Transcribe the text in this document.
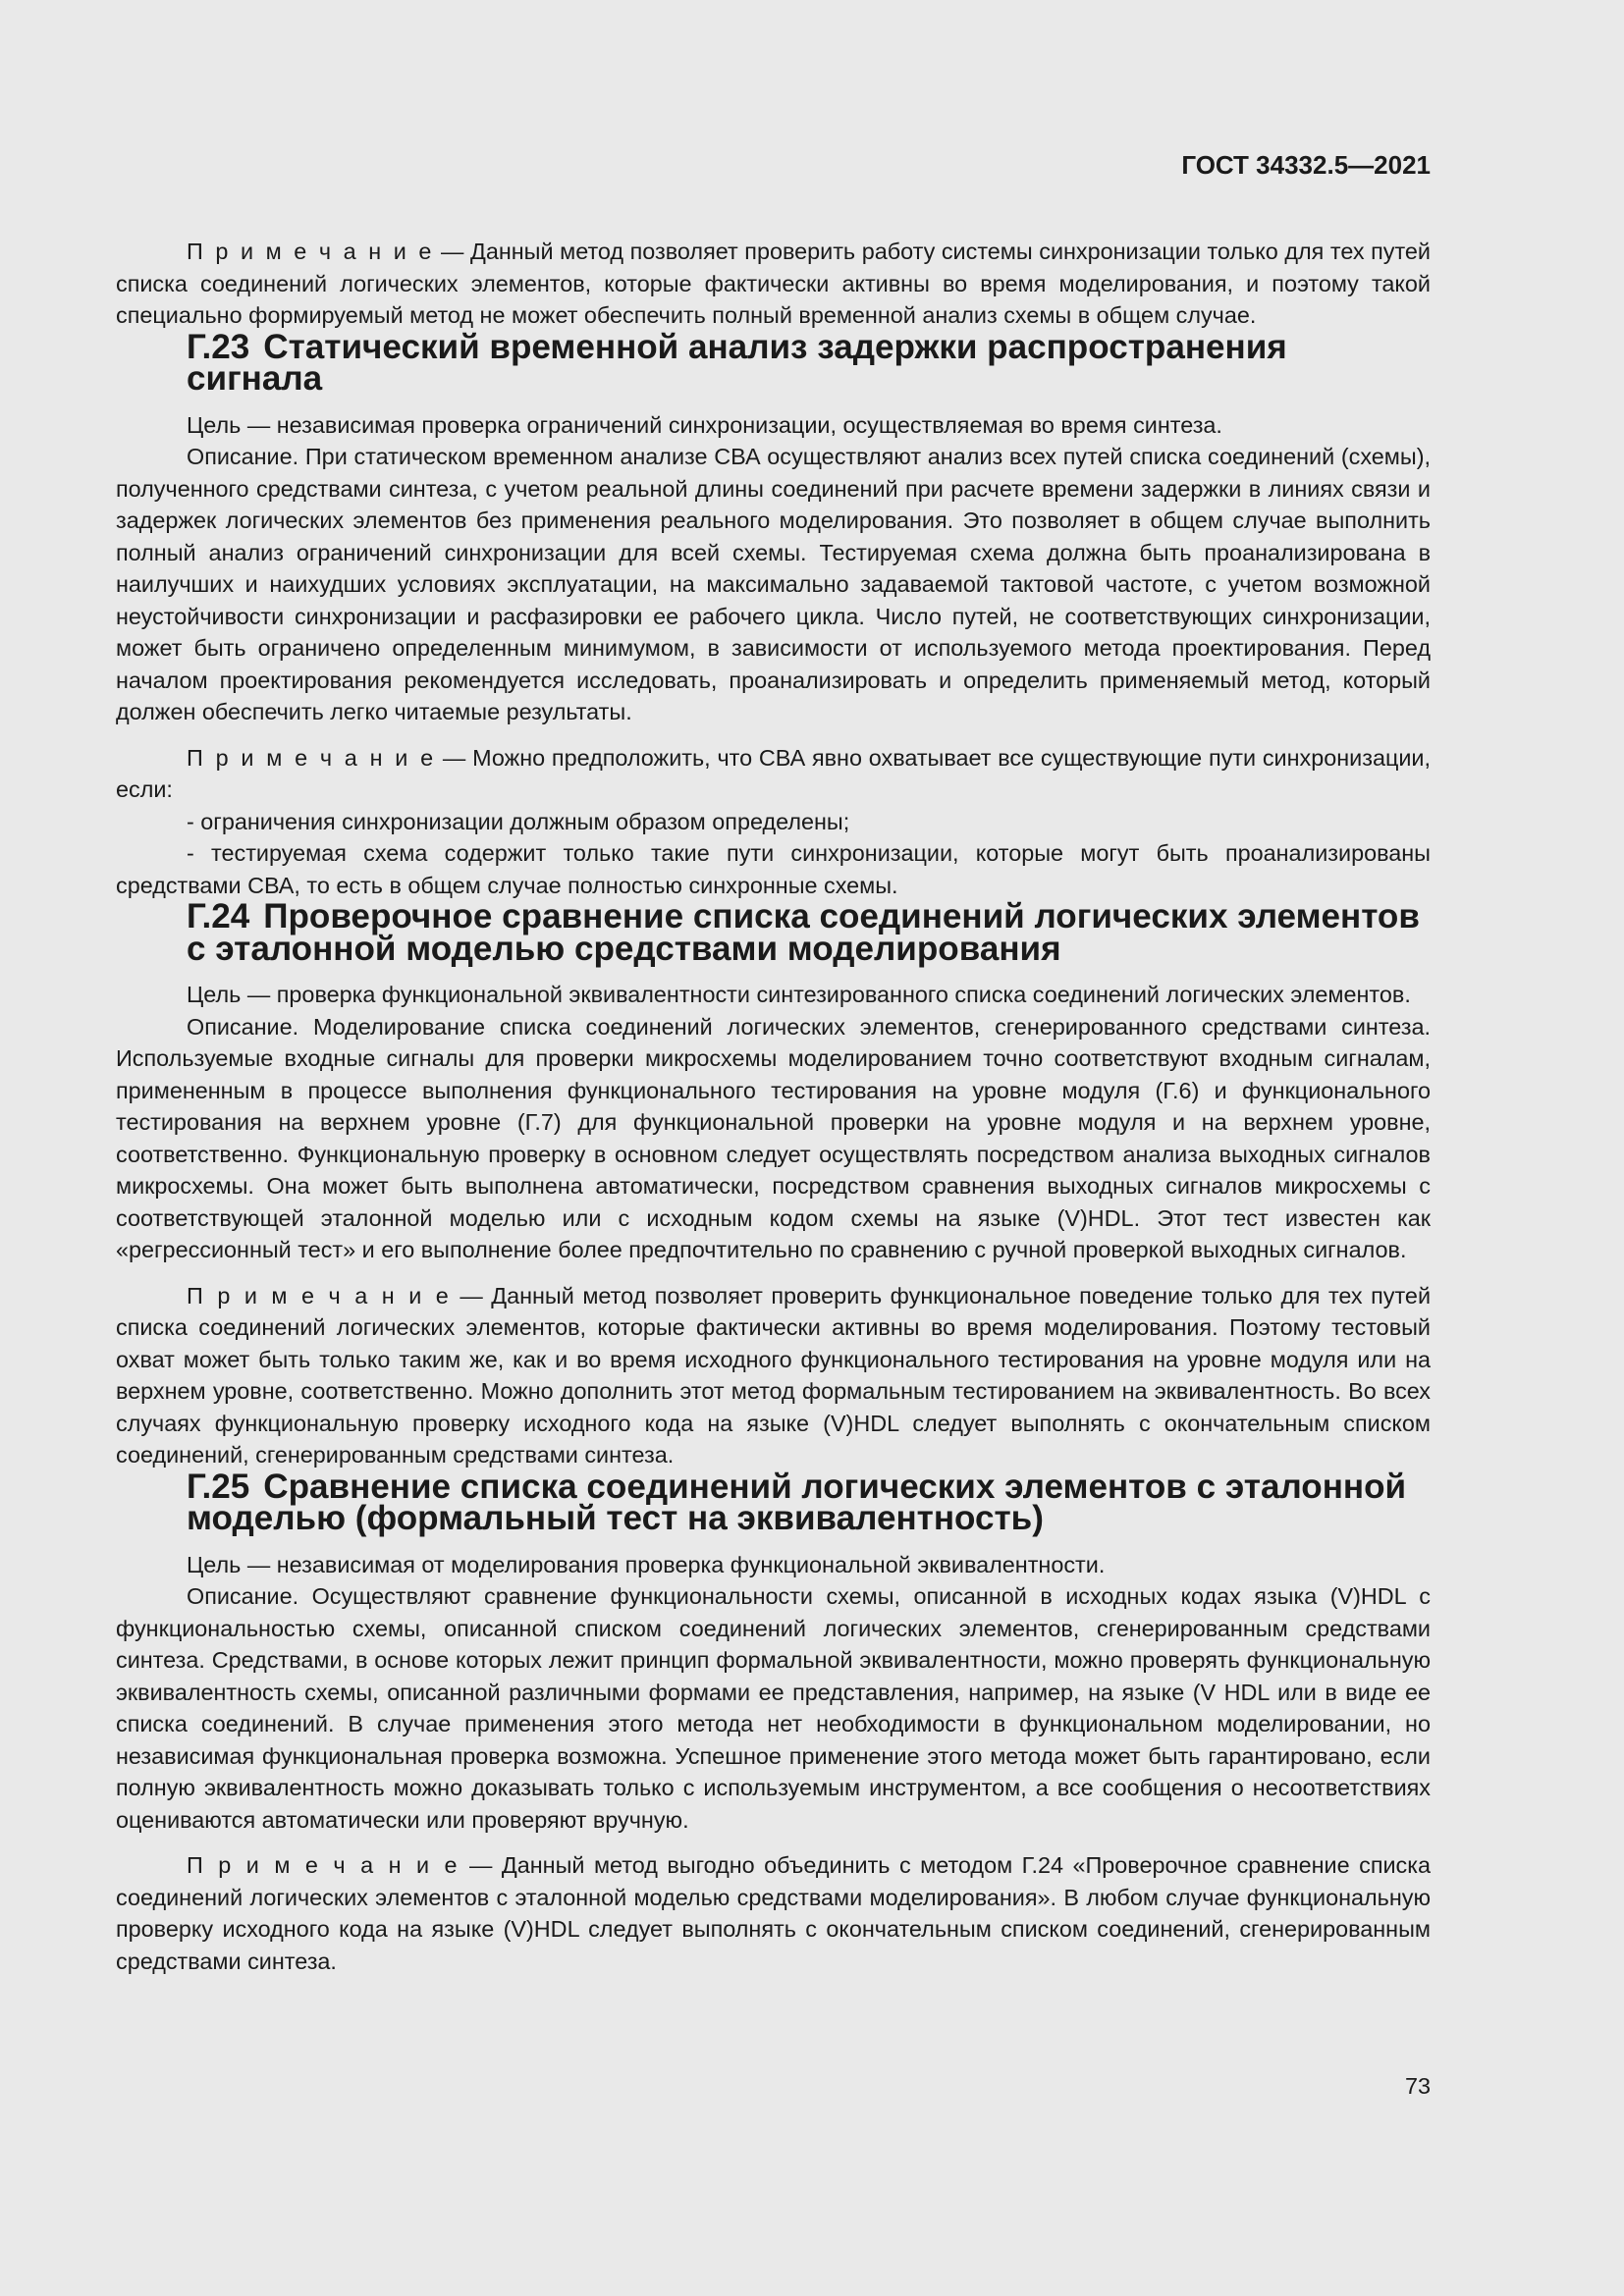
ГОСТ 34332.5—2021

П р и м е ч а н и е — Данный метод позволяет проверить работу системы синхронизации только для тех путей списка соединений логических элементов, которые фактически активны во время моделирования, и поэтому такой специально формируемый метод не может обеспечить полный временной анализ схемы в общем случае.

Г.23 Статический временной анализ задержки распространения сигнала

Цель — независимая проверка ограничений синхронизации, осуществляемая во время синтеза.

Описание. При статическом временном анализе СВА осуществляют анализ всех путей списка соединений (схемы), полученного средствами синтеза, с учетом реальной длины соединений при расчете времени задержки в линиях связи и задержек логических элементов без применения реального моделирования. Это позволяет в общем случае выполнить полный анализ ограничений синхронизации для всей схемы. Тестируемая схема должна быть проанализирована в наилучших и наихудших условиях эксплуатации, на максимально задаваемой тактовой частоте, с учетом возможной неустойчивости синхронизации и расфазировки ее рабочего цикла. Число путей, не соответствующих синхронизации, может быть ограничено определенным минимумом, в зависимости от используемого метода проектирования. Перед началом проектирования рекомендуется исследовать, проанализировать и определить применяемый метод, который должен обеспечить легко читаемые результаты.

П р и м е ч а н и е — Можно предположить, что СВА явно охватывает все существующие пути синхронизации, если:

- ограничения синхронизации должным образом определены;

- тестируемая схема содержит только такие пути синхронизации, которые могут быть проанализированы средствами СВА, то есть в общем случае полностью синхронные схемы.

Г.24 Проверочное сравнение списка соединений логических элементов с эталонной моделью средствами моделирования

Цель — проверка функциональной эквивалентности синтезированного списка соединений логических элементов.

Описание. Моделирование списка соединений логических элементов, сгенерированного средствами синтеза. Используемые входные сигналы для проверки микросхемы моделированием точно соответствуют входным сигналам, примененным в процессе выполнения функционального тестирования на уровне модуля (Г.6) и функционального тестирования на верхнем уровне (Г.7) для функциональной проверки на уровне модуля и на верхнем уровне, соответственно. Функциональную проверку в основном следует осуществлять посредством анализа выходных сигналов микросхемы. Она может быть выполнена автоматически, посредством сравнения выходных сигналов микросхемы с соответствующей эталонной моделью или с исходным кодом схемы на языке (V)HDL. Этот тест известен как «регрессионный тест» и его выполнение более предпочтительно по сравнению с ручной проверкой выходных сигналов.

П р и м е ч а н и е — Данный метод позволяет проверить функциональное поведение только для тех путей списка соединений логических элементов, которые фактически активны во время моделирования. Поэтому тестовый охват может быть только таким же, как и во время исходного функционального тестирования на уровне модуля или на верхнем уровне, соответственно. Можно дополнить этот метод формальным тестированием на эквивалентность. Во всех случаях функциональную проверку исходного кода на языке (V)HDL следует выполнять с окончательным списком соединений, сгенерированным средствами синтеза.

Г.25 Сравнение списка соединений логических элементов с эталонной моделью (формальный тест на эквивалентность)

Цель — независимая от моделирования проверка функциональной эквивалентности.

Описание. Осуществляют сравнение функциональности схемы, описанной в исходных кодах языка (V)HDL с функциональностью схемы, описанной списком соединений логических элементов, сгенерированным средствами синтеза. Средствами, в основе которых лежит принцип формальной эквивалентности, можно проверять функциональную эквивалентность схемы, описанной различными формами ее представления, например, на языке (V HDL или в виде ее списка соединений. В случае применения этого метода нет необходимости в функциональном моделировании, но независимая функциональная проверка возможна. Успешное применение этого метода может быть гарантировано, если полную эквивалентность можно доказывать только с используемым инструментом, а все сообщения о несоответствиях оцениваются автоматически или проверяют вручную.

П р и м е ч а н и е — Данный метод выгодно объединить с методом Г.24 «Проверочное сравнение списка соединений логических элементов с эталонной моделью средствами моделирования». В любом случае функциональную проверку исходного кода на языке (V)HDL следует выполнять с окончательным списком соединений, сгенерированным средствами синтеза.

73
